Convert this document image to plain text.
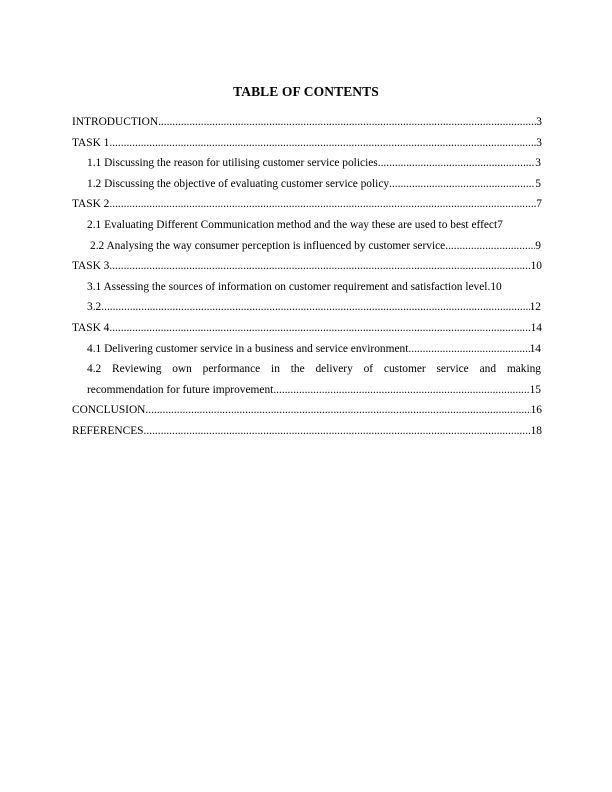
TABLE OF CONTENTS
INTRODUCTION .....	3
TASK 1 .....	3
1.1 Discussing the reason for utilising customer service policies .....	3
1.2 Discussing the objective of evaluating customer service policy .....	5
TASK 2 .....	7
2.1 Evaluating Different Communication method and the way these are used to best effect 7
2.2 Analysing the way consumer perception is influenced by customer service .....	9
TASK 3 .....	10
3.1 Assessing the sources of information on customer requirement and satisfaction level. 10
3.2 .....	12
TASK 4 .....	14
4.1 Delivering customer service in a business and service environment .....	14
4.2 Reviewing own performance in the delivery of customer service and making
recommendation for future improvement .....	15
CONCLUSION .....	16
REFERENCES .....	18
